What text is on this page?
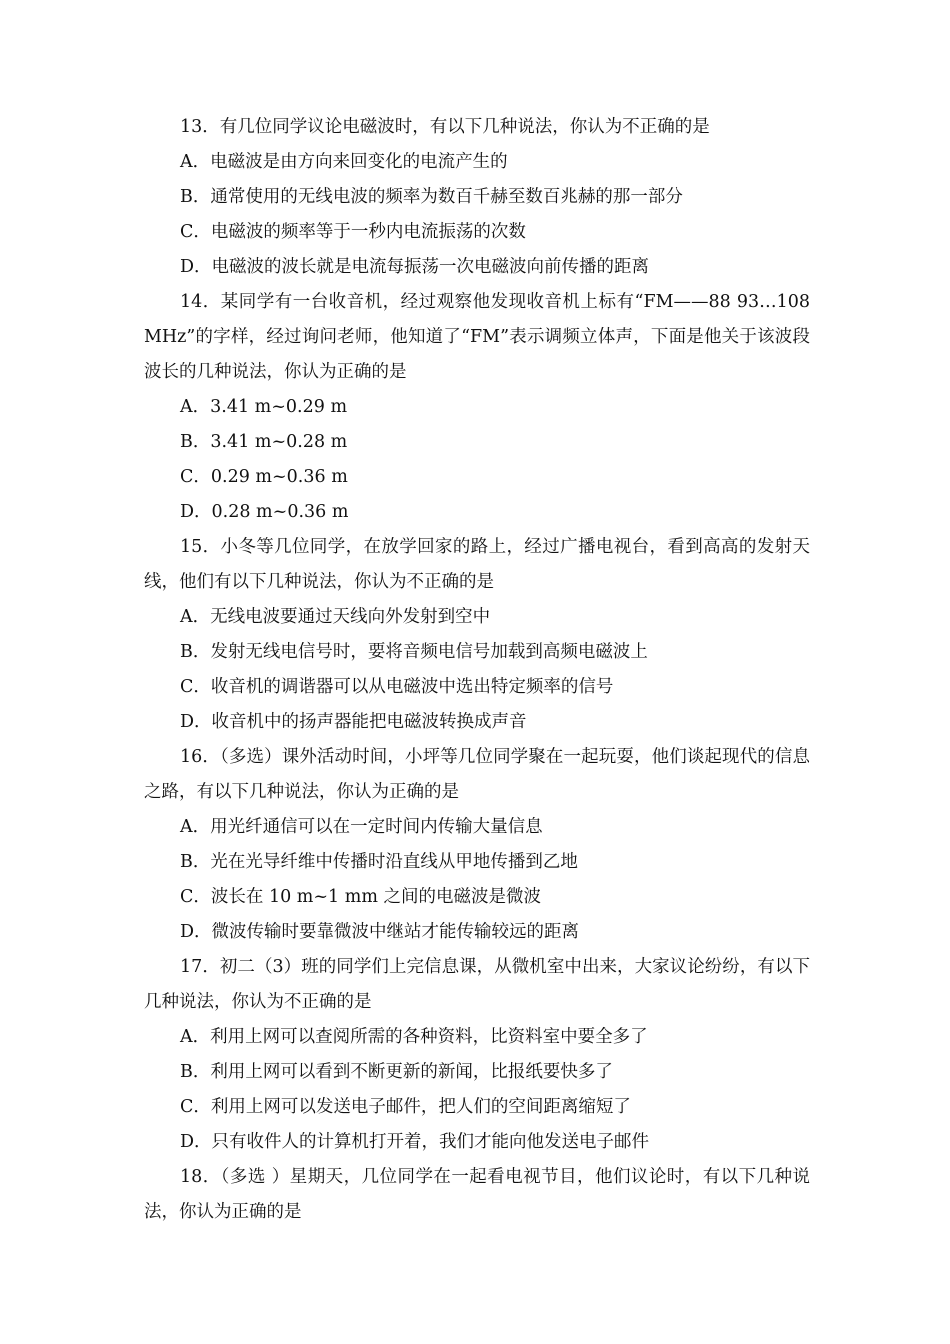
13．有几位同学议论电磁波时，有以下几种说法，你认为不正确的是

A．电磁波是由方向来回变化的电流产生的

B．通常使用的无线电波的频率为数百千赫至数百兆赫的那一部分

C．电磁波的频率等于一秒内电流振荡的次数

D．电磁波的波长就是电流每振荡一次电磁波向前传播的距离

14．某同学有一台收音机，经过观察他发现收音机上标有“FM——88 93…108 MHz”的字样，经过询问老师，他知道了“FM”表示调频立体声，下面是他关于该波段波长的几种说法，你认为正确的是

A．3.41 m~0.29 m

B．3.41 m~0.28 m

C．0.29 m~0.36 m

D．0.28 m~0.36 m

15．小冬等几位同学，在放学回家的路上，经过广播电视台，看到高高的发射天线，他们有以下几种说法，你认为不正确的是

A．无线电波要通过天线向外发射到空中

B．发射无线电信号时，要将音频电信号加载到高频电磁波上

C．收音机的调谐器可以从电磁波中选出特定频率的信号

D．收音机中的扬声器能把电磁波转换成声音

16．（多选）课外活动时间，小坪等几位同学聚在一起玩耍，他们谈起现代的信息之路，有以下几种说法，你认为正确的是

A．用光纤通信可以在一定时间内传输大量信息

B．光在光导纤维中传播时沿直线从甲地传播到乙地

C．波长在 10 m~1 mm 之间的电磁波是微波

D．微波传输时要靠微波中继站才能传输较远的距离

17．初二（3）班的同学们上完信息课，从微机室中出来，大家议论纷纷，有以下几种说法，你认为不正确的是

A．利用上网可以查阅所需的各种资料，比资料室中要全多了

B．利用上网可以看到不断更新的新闻，比报纸要快多了

C．利用上网可以发送电子邮件，把人们的空间距离缩短了

D．只有收件人的计算机打开着，我们才能向他发送电子邮件

18．（多选 ）星期天，几位同学在一起看电视节目，他们议论时，有以下几种说法，你认为正确的是
